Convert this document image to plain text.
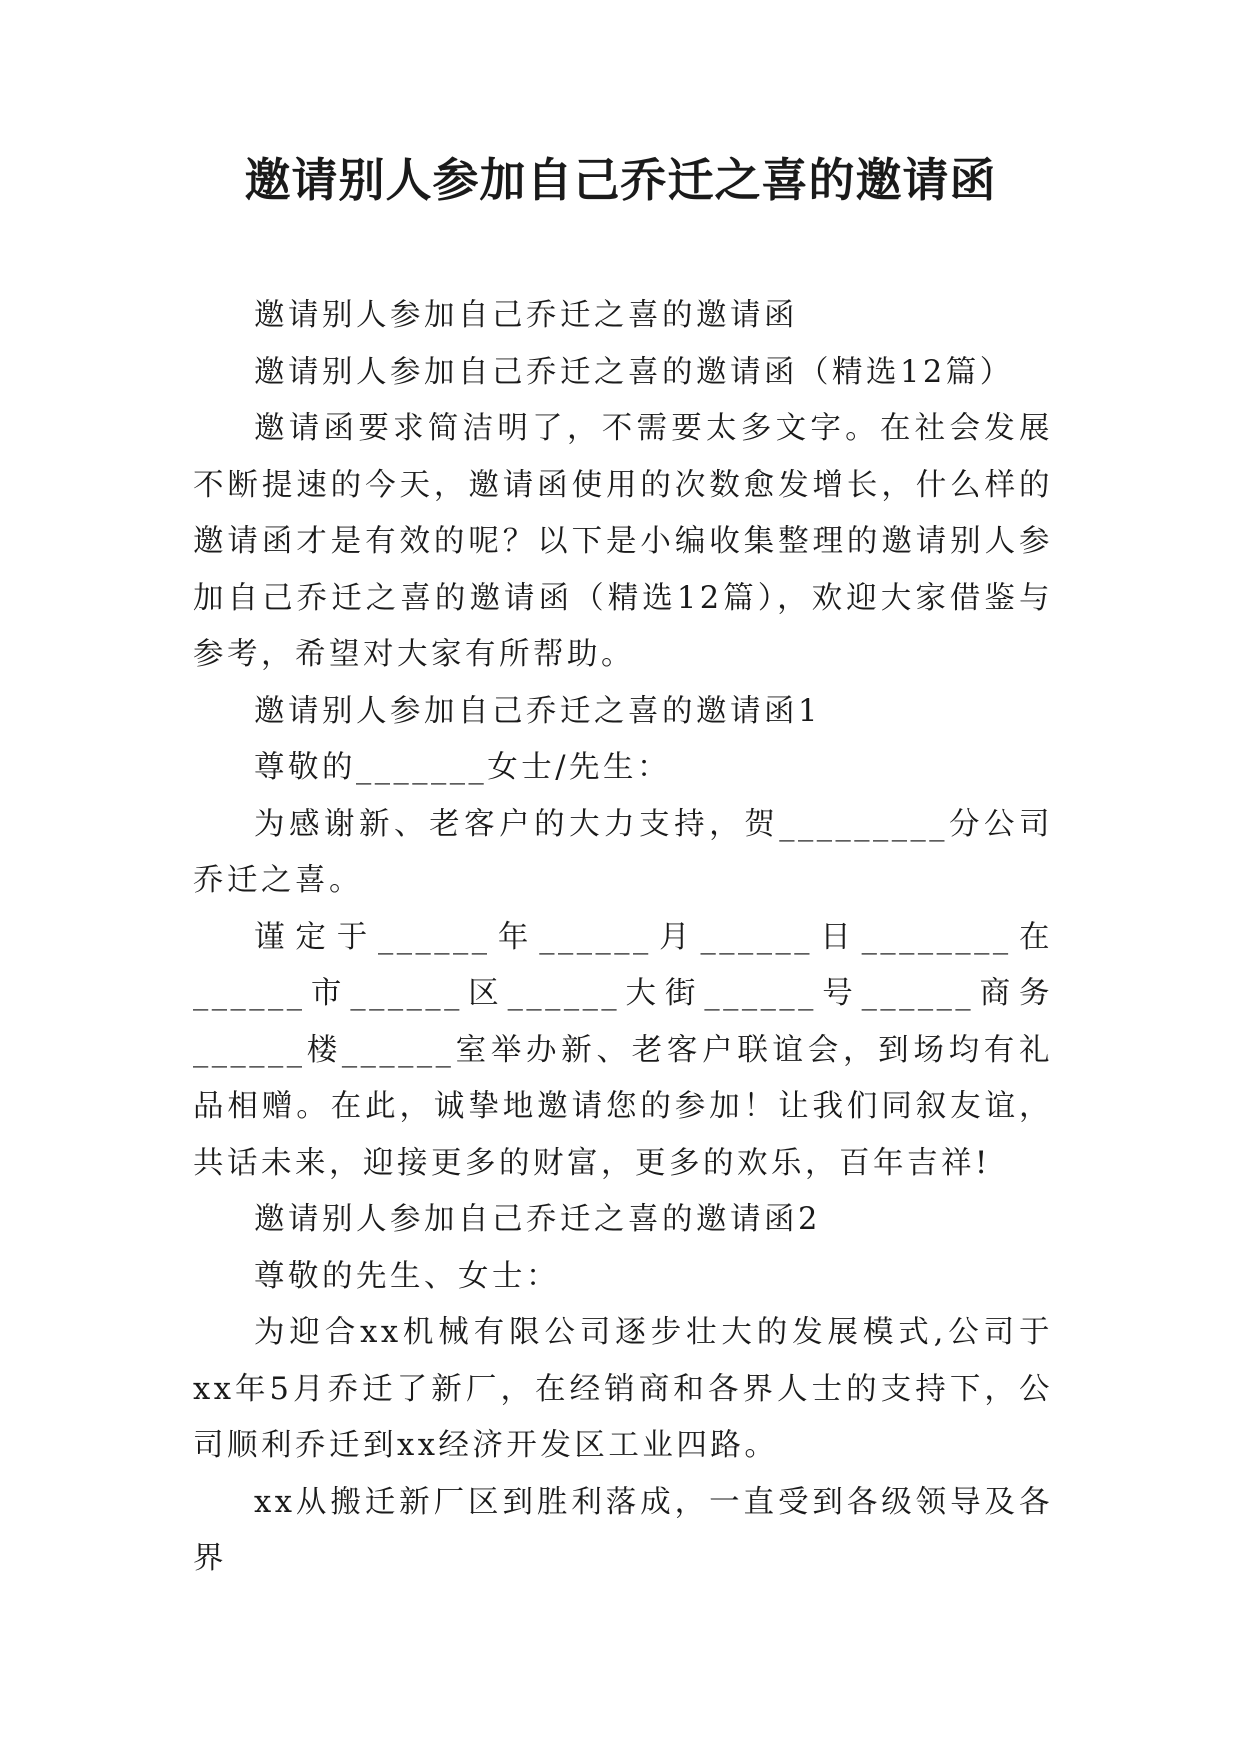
邀请别人参加自己乔迁之喜的邀请函

邀请别人参加自己乔迁之喜的邀请函

邀请别人参加自己乔迁之喜的邀请函（精选12篇）

邀请函要求简洁明了，不需要太多文字。在社会发展不断提速的今天，邀请函使用的次数愈发增长，什么样的邀请函才是有效的呢？以下是小编收集整理的邀请别人参加自己乔迁之喜的邀请函（精选12篇），欢迎大家借鉴与参考，希望对大家有所帮助。

邀请别人参加自己乔迁之喜的邀请函1

尊敬的_______女士/先生：

为感谢新、老客户的大力支持，贺_________分公司乔迁之喜。

谨定于______年______月______日________在______市______区______大街______号______商务______楼______室举办新、老客户联谊会，到场均有礼品相赠。在此，诚挚地邀请您的参加！让我们同叙友谊，共话未来，迎接更多的财富，更多的欢乐，百年吉祥!

邀请别人参加自己乔迁之喜的邀请函2

尊敬的先生、女士：

为迎合xx机械有限公司逐步壮大的发展模式,公司于xx年5月乔迁了新厂，在经销商和各界人士的支持下，公司顺利乔迁到xx经济开发区工业四路。

xx从搬迁新厂区到胜利落成，一直受到各级领导及各界
